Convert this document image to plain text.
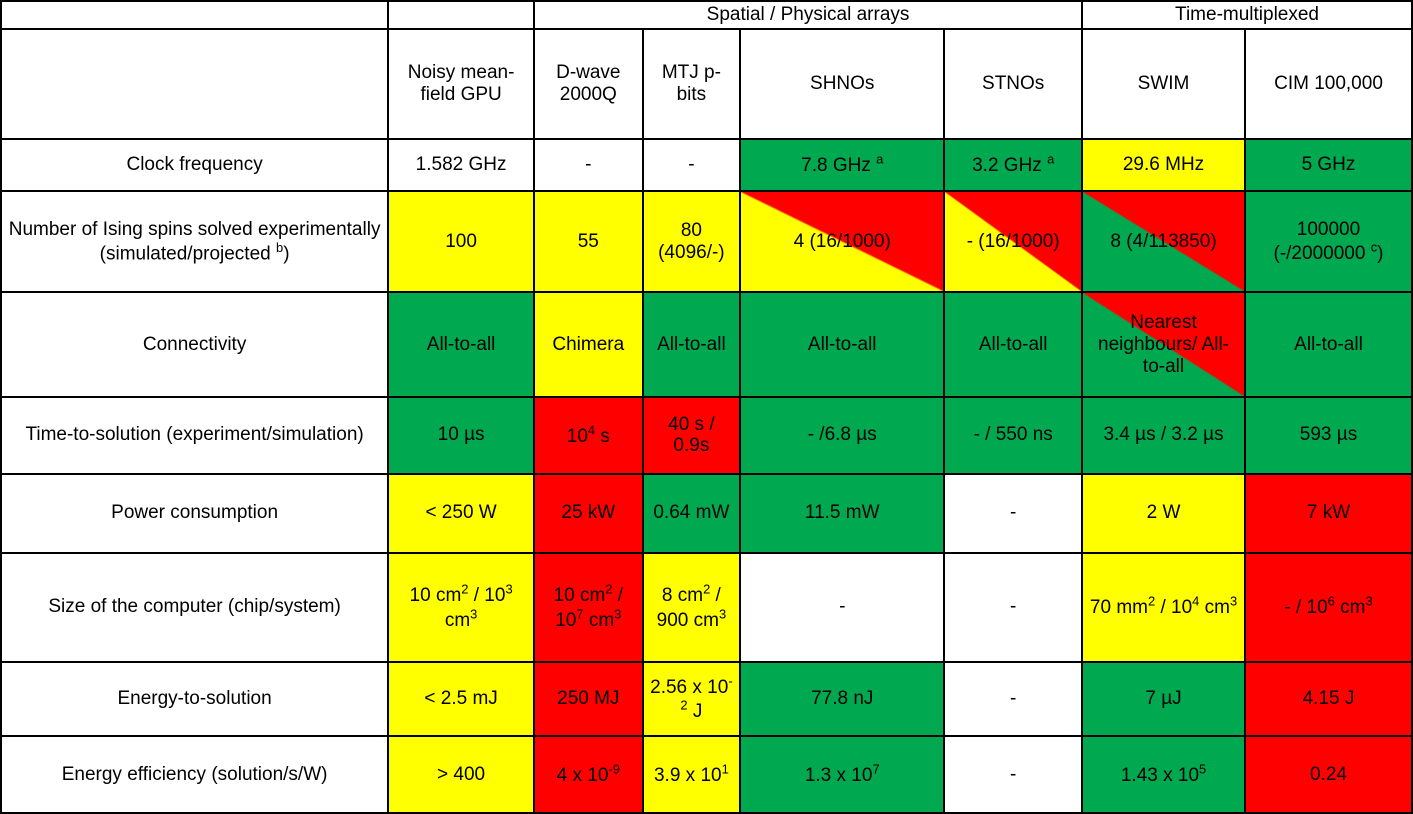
		Spatial / Physical arrays				Time-multiplexed	
	Noisy mean-field GPU	D-wave 2000Q	MTJ p-bits	SHNOs	STNOs	SWIM	CIM 100,000
Clock frequency	1.582 GHz	-	-	7.8 GHz $^a$	3.2 GHz $^a$	29.6 MHz	5 GHz
Number of Ising spins solved experimentally (simulated/projected $^b$)	100	55	80 (4096/-)	4 (16/1000)	- (16/1000)	8 (4/113850)	100000 (-/2000000 $^c$)
Connectivity	All-to-all	Chimera	All-to-all	All-to-all	All-to-all	Nearest neighbours/ All-to-all	All-to-all
Time-to-solution (experiment/simulation)	10 µs	$10^4$ s	40 s / 0.9s	- /6.8 µs	- / 550 ns	3.4 µs / 3.2 µs	593 µs
Power consumption	< 250 W	25 kW	0.64 mW	11.5 mW	-	2 W	7 kW
Size of the computer (chip/system)	10 $cm^2 / 10^3$ $cm^3$	10 $cm^2 / 10^7$ $cm^3$	8 $cm^2 / 900$ $cm^3$	-	-	70 $mm^2 / 10^4$ $cm^3$	- / $10^6$ $cm^3$
Energy-to-solution	< 2.5 mJ	250 MJ	2.56 x $10^{-2}$ J	77.8 nJ	-	7 µJ	4.15 J
Energy efficiency (solution/s/W)	> 400	4 x $10^{-9}$	3.9 x $10^1$	1.3 x $10^7$	-	1.43 x $10^5$	0.24
